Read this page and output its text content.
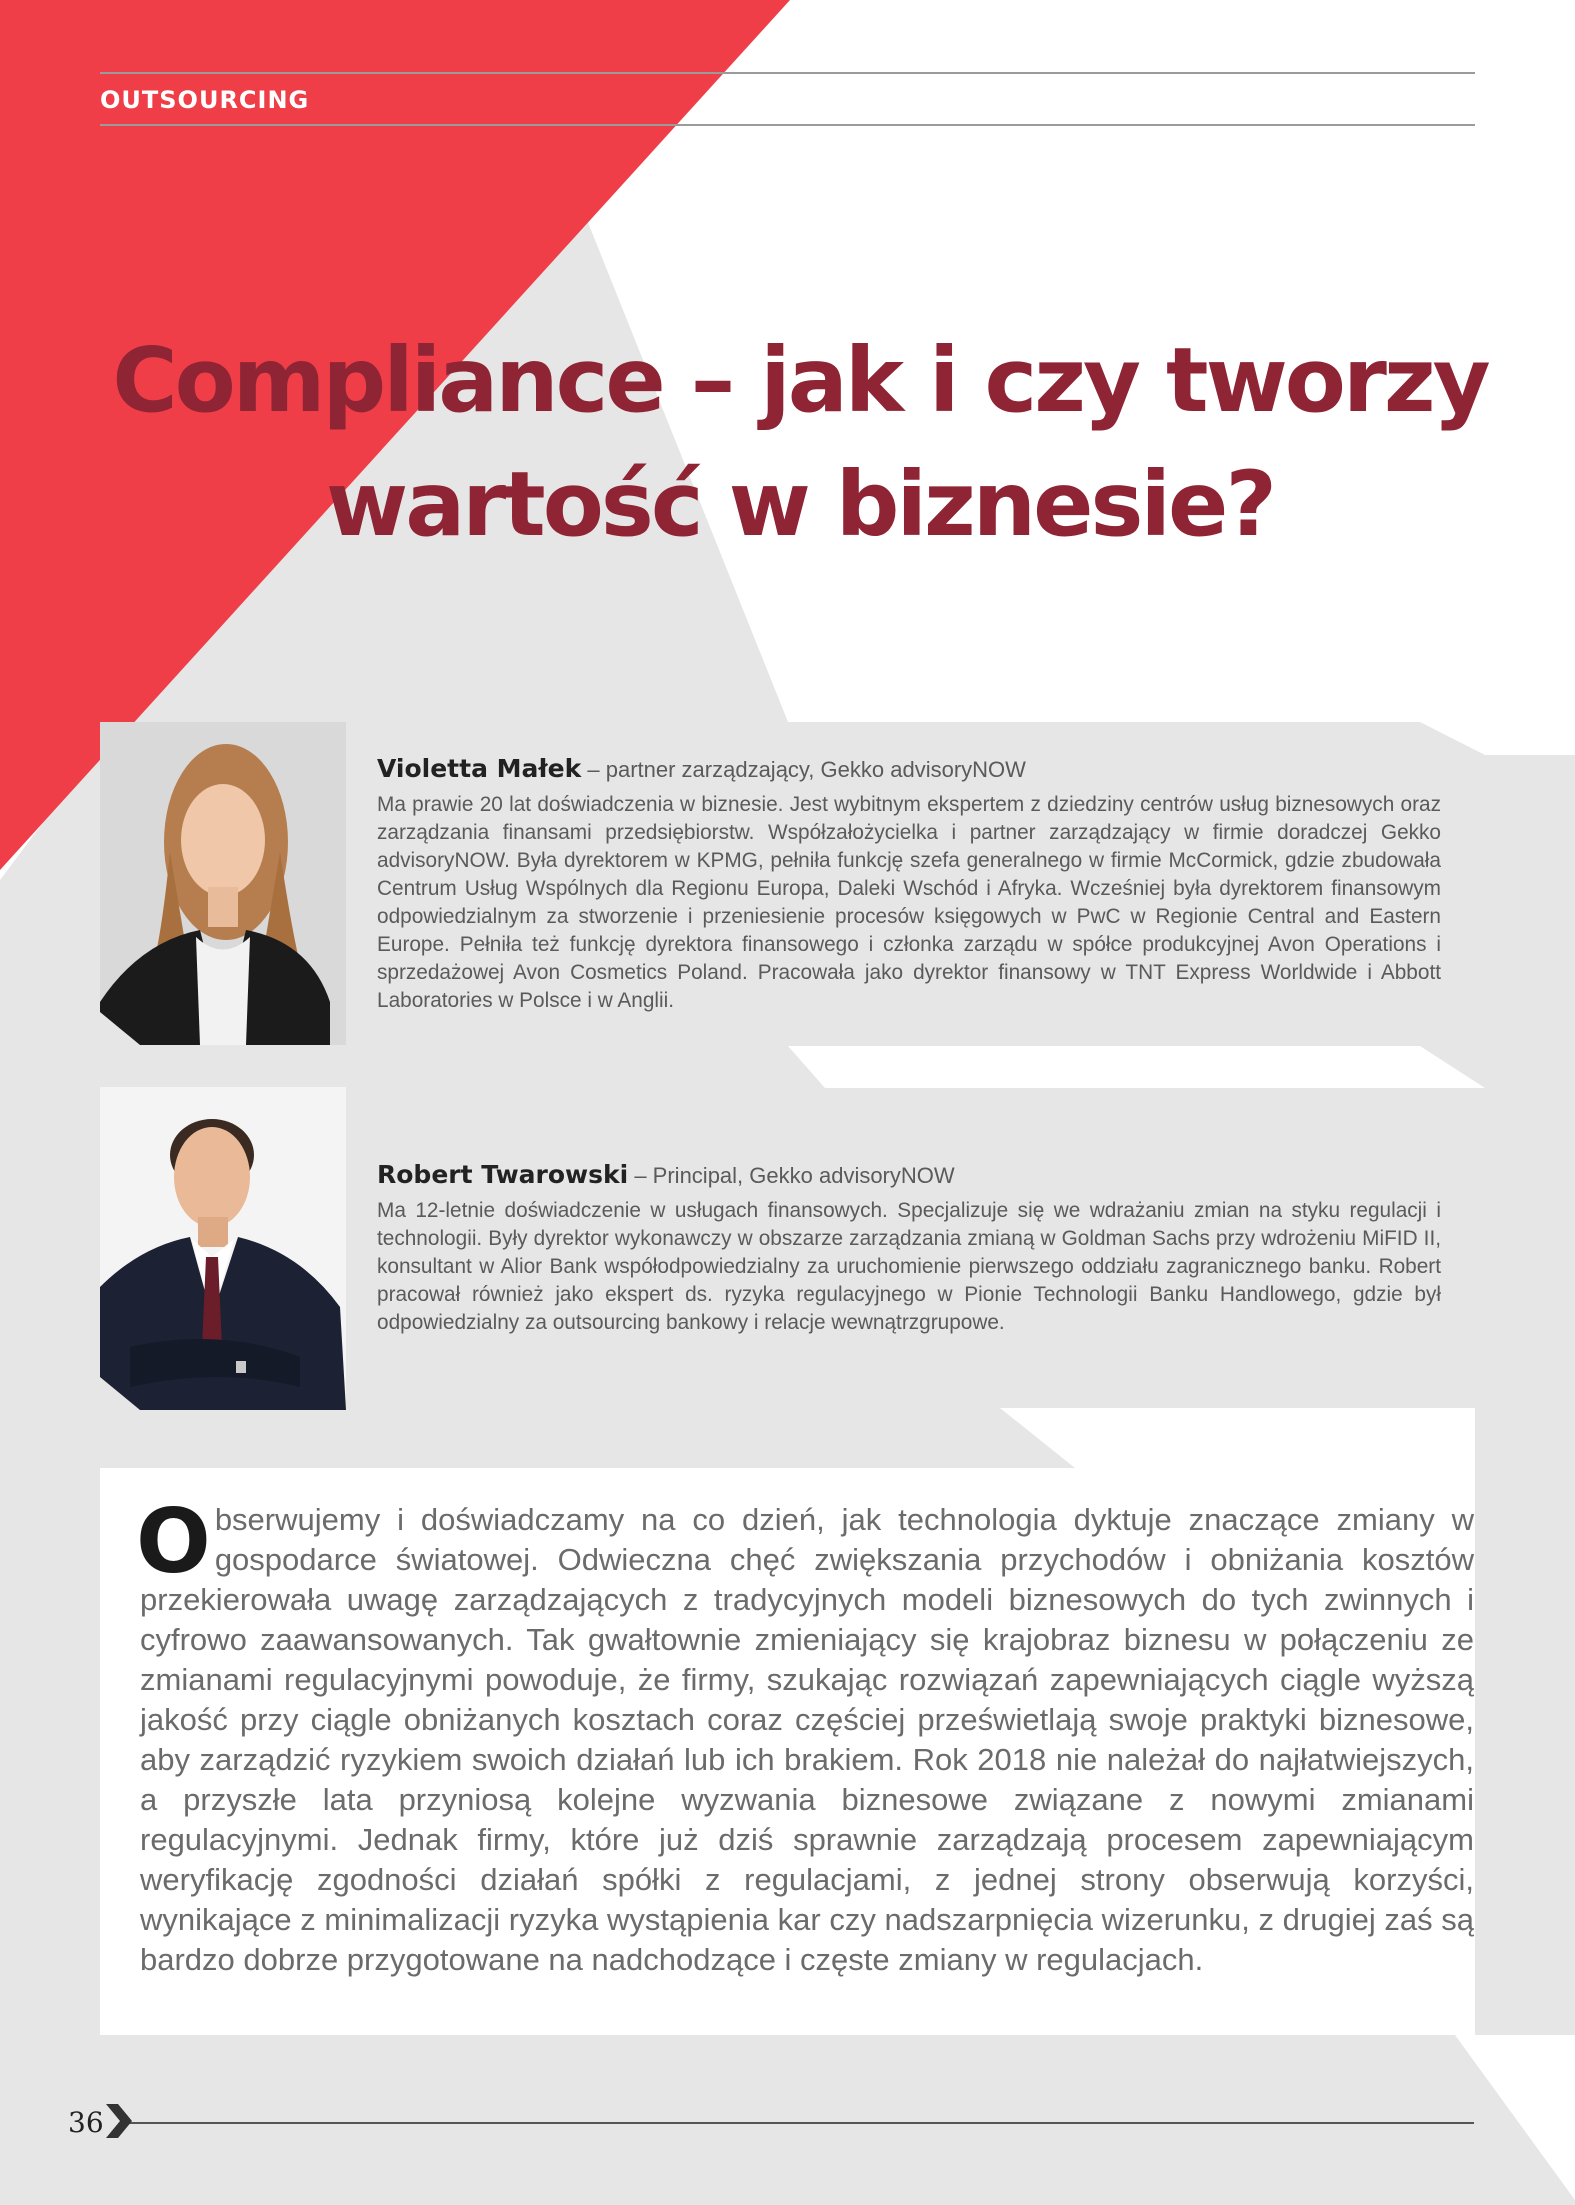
OUTSOURCING
Compliance – jak i czy tworzy
wartość w biznesie?
Violetta Małek – partner zarządzający, Gekko advisoryNOW
Ma prawie 20 lat doświadczenia w biznesie. Jest wybitnym ekspertem z dziedziny centrów usług biznesowych oraz zarządzania finansami przedsiębiorstw. Współzałożycielka i partner zarządzający w firmie doradczej Gekko advisoryNOW. Była dyrektorem w KPMG, pełniła funkcję szefa generalnego w firmie McCormick, gdzie zbudowała Centrum Usług Wspólnych dla Regionu Europa, Daleki Wschód i Afryka. Wcześniej była dyrektorem finansowym odpowiedzialnym za stworzenie i przeniesienie procesów księgowych w PwC w Regionie Central and Eastern Europe. Pełniła też funkcję dyrektora finansowego i członka zarządu w spółce produkcyjnej Avon Operations i sprzedażowej Avon Cosmetics Poland. Pracowała jako dyrektor finansowy w TNT Express Worldwide i Abbott Laboratories w Polsce i w Anglii.
Robert Twarowski – Principal, Gekko advisoryNOW
Ma 12-letnie doświadczenie w usługach finansowych. Specjalizuje się we wdrażaniu zmian na styku regulacji i technologii. Były dyrektor wykonawczy w obszarze zarządzania zmianą w Goldman Sachs przy wdrożeniu MiFID II, konsultant w Alior Bank współodpowiedzialny za uruchomienie pierwszego oddziału zagranicznego banku. Robert pracował również jako ekspert ds. ryzyka regulacyjnego w Pionie Technologii Banku Handlowego, gdzie był odpowiedzialny za outsourcing bankowy i relacje wewnątrzgrupowe.
Obserwujemy i doświadczamy na co dzień, jak technologia dyktuje znaczące zmiany w gospodarce światowej. Odwieczna chęć zwiększania przychodów i obniżania kosztów przekierowała uwagę zarządzających z tradycyjnych modeli biznesowych do tych zwinnych i cyfrowo zaawansowanych. Tak gwałtownie zmieniający się krajobraz biznesu w połączeniu ze zmianami regulacyjnymi powoduje, że firmy, szukając rozwiązań zapewniających ciągle wyższą jakość przy ciągle obniżanych kosztach coraz częściej prześwietlają swoje praktyki biznesowe, aby zarządzić ryzykiem swoich działań lub ich brakiem. Rok 2018 nie należał do najłatwiejszych, a przyszłe lata przyniosą kolejne wyzwania biznesowe związane z nowymi zmianami regulacyjnymi. Jednak firmy, które już dziś sprawnie zarządzają procesem zapewniającym weryfikację zgodności działań spółki z regulacjami, z jednej strony obserwują korzyści, wynikające z minimalizacji ryzyka wystąpienia kar czy nadszarpnięcia wizerunku, z drugiej zaś są bardzo dobrze przygotowane na nadchodzące i częste zmiany w regulacjach.
36
